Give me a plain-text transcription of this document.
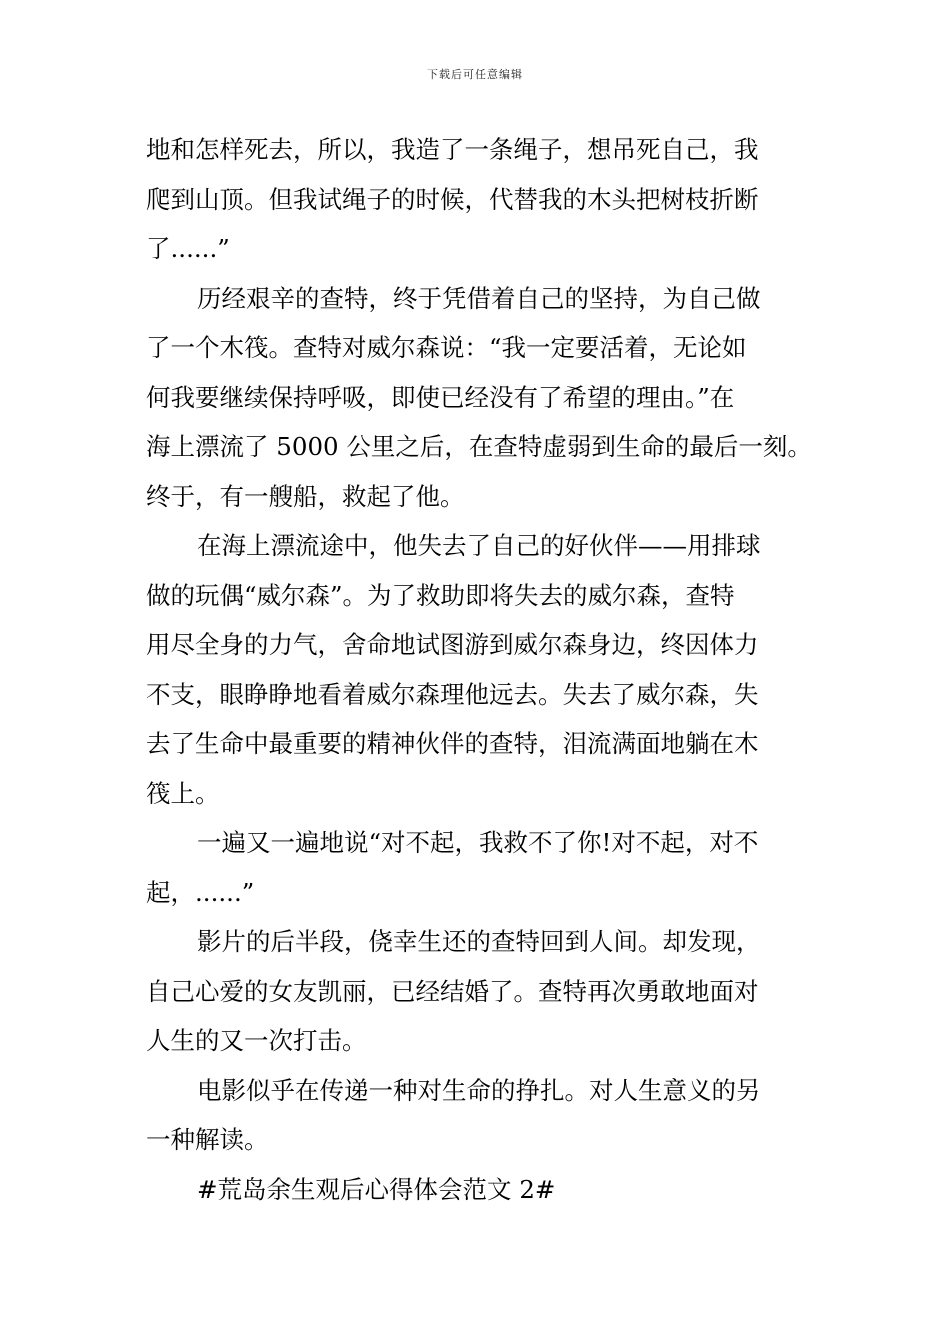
下载后可任意编辑
地和怎样死去，所以，我造了一条绳子，想吊死自己，我
爬到山顶。但我试绳子的时候，代替我的木头把树枝折断
了......”
历经艰辛的查特，终于凭借着自己的坚持，为自己做
了一个木筏。查特对威尔森说：“我一定要活着，无论如
何我要继续保持呼吸，即使已经没有了希望的理由。”在
海上漂流了 5000 公里之后，在查特虚弱到生命的最后一刻。
终于，有一艘船，救起了他。
在海上漂流途中，他失去了自己的好伙伴——用排球
做的玩偶“威尔森”。为了救助即将失去的威尔森，查特
用尽全身的力气，舍命地试图游到威尔森身边，终因体力
不支，眼睁睁地看着威尔森理他远去。失去了威尔森，失
去了生命中最重要的精神伙伴的查特，泪流满面地躺在木
筏上。
一遍又一遍地说“对不起，我救不了你!对不起，对不
起，......”
影片的后半段，侥幸生还的查特回到人间。却发现，
自己心爱的女友凯丽，已经结婚了。查特再次勇敢地面对
人生的又一次打击。
电影似乎在传递一种对生命的挣扎。对人生意义的另
一种解读。
#荒岛余生观后心得体会范文 2#
